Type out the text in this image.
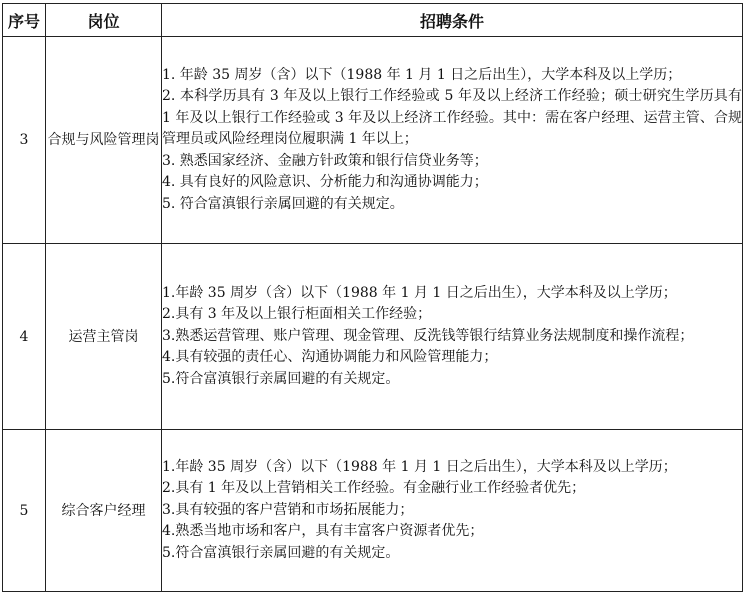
序号	岗位	招聘条件
3	合规与风险管理岗	1. 年龄 35 周岁（含）以下（1988 年 1 月 1 日之后出生），大学本科及以上学历；

2. 本科学历具有 3 年及以上银行工作经验或 5 年及以上经济工作经验；硕士研究生学历具有 1 年及以上银行工作经验或 3 年及以上经济工作经验。其中：需在客户经理、运营主管、合规管理员或风险经理岗位履职满 1 年以上；

3. 熟悉国家经济、金融方针政策和银行信贷业务等；

4. 具有良好的风险意识、分析能力和沟通协调能力；

5. 符合富滇银行亲属回避的有关规定。

4	运营主管岗	1.年龄 35 周岁（含）以下（1988 年 1 月 1 日之后出生），大学本科及以上学历；

2.具有 3 年及以上银行柜面相关工作经验；

3.熟悉运营管理、账户管理、现金管理、反洗钱等银行结算业务法规制度和操作流程；

4.具有较强的责任心、沟通协调能力和风险管理能力；

5.符合富滇银行亲属回避的有关规定。

5	综合客户经理	1.年龄 35 周岁（含）以下（1988 年 1 月 1 日之后出生），大学本科及以上学历；

2.具有 1 年及以上营销相关工作经验。有金融行业工作经验者优先；

3.具有较强的客户营销和市场拓展能力；

4.熟悉当地市场和客户，具有丰富客户资源者优先；

5.符合富滇银行亲属回避的有关规定。
